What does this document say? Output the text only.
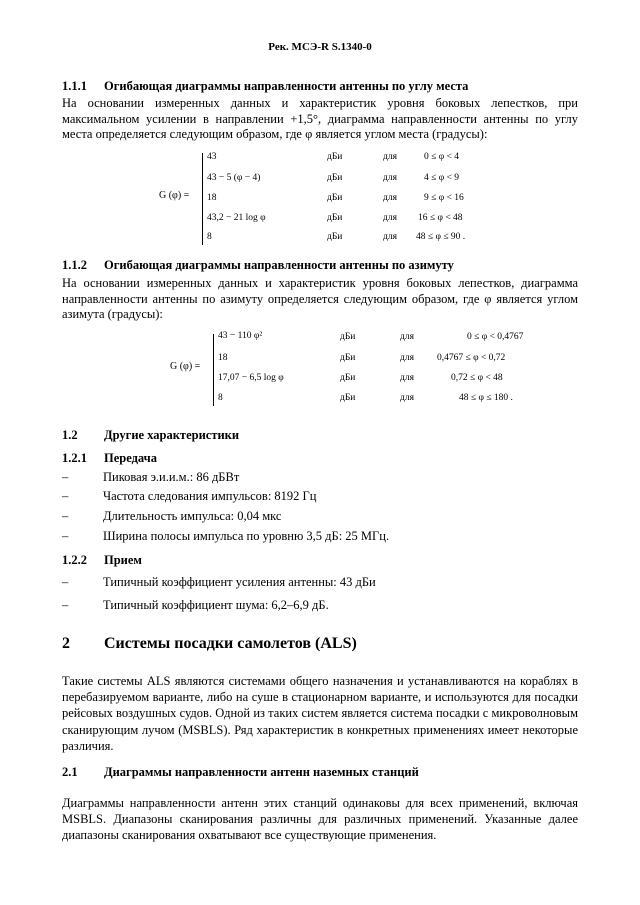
Рек. МСЭ-R S.1340-0
1.1.1 Огибающая диаграммы направленности антенны по углу места
На основании измеренных данных и характеристик уровня боковых лепестков, при максимальном усилении в направлении +1,5°, диаграмма направленности антенны по углу места определяется следующим образом, где φ является углом места (градусы):
G (φ) =
43	дБи	для	0 ≤ φ < 4
43 − 5 (φ − 4)	дБи	для	4 ≤ φ < 9
18	дБи	для	9 ≤ φ < 16
43,2 − 21 log φ	дБи	для 16 ≤ φ < 48
8	дБи	для 48 ≤ φ ≤ 90 .
1.1.2 Огибающая диаграммы направленности антенны по азимуту
На основании измеренных данных и характеристик уровня боковых лепестков, диаграмма направленности антенны по азимуту определяется следующим образом, где φ является углом азимута (градусы):
G (φ) =
43 − 110 φ²	дБи	для	0 ≤ φ < 0,4767
18	дБи	для 0,4767 ≤ φ < 0,72
17,07 − 6,5 log φ	дБи	для	0,72 ≤ φ < 48
8	дБи	для	48 ≤ φ ≤ 180 .
1.2 Другие характеристики
1.2.1 Передача
–	Пиковая э.и.и.м.: 86 дБВт
–	Частота следования импульсов: 8192 Гц
–	Длительность импульса: 0,04 мкс
–	Ширина полосы импульса по уровню 3,5 дБ: 25 МГц.
1.2.2 Прием
–	Типичный коэффициент усиления антенны: 43 дБи
–	Типичный коэффициент шума: 6,2–6,9 дБ.
2 Системы посадки самолетов (ALS)
Такие системы ALS являются системами общего назначения и устанавливаются на кораблях в перебазируемом варианте, либо на суше в стационарном варианте, и используются для посадки рейсовых воздушных судов. Одной из таких систем является система посадки с микроволновым сканирующим лучом (MSBLS). Ряд характеристик в конкретных применениях имеет некоторые различия.
2.1 Диаграммы направленности антенн наземных станций
Диаграммы направленности антенн этих станций одинаковы для всех применений, включая MSBLS. Диапазоны сканирования различны для различных применений. Указанные далее диапазоны сканирования охватывают все существующие применения.
